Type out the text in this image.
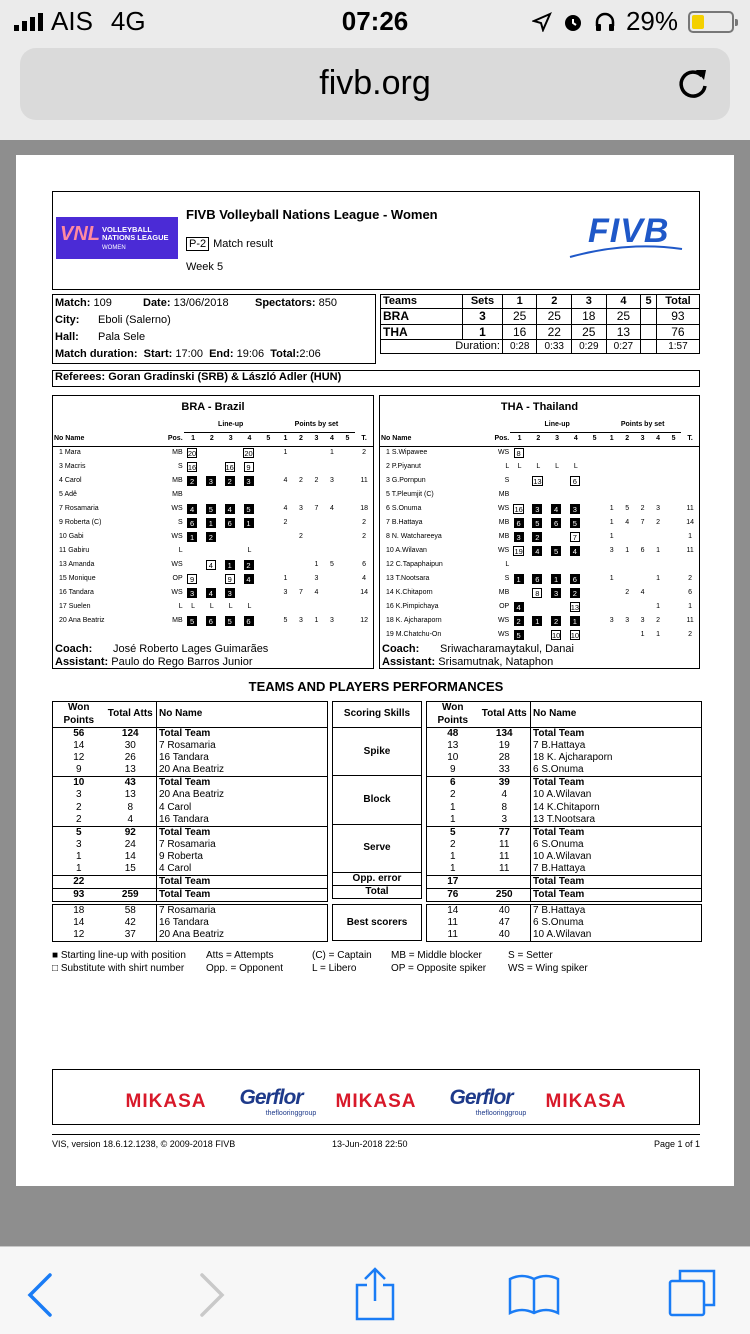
AIS 4G	07:26	29%
fivb.org
VNL VOLLEYBALL
NATIONS LEAGUE
WOMEN
FIVB Volleyball Nations League - Women
P-2 Match result
Week 5
FIVB
Match: 109	Date: 13/06/2018 Spectators: 850
City: Eboli (Salerno)
Hall: Pala Sele
Match duration: Start: 17:00 End: 19:06 Total:2:06
Teams	Sets	1	2	3	4	5	Total
BRA	3	25	25	18	25		93
THA	1	16	22	25	13		76
Duration:		0:28	0:33	0:29	0:27		1:57
Referees: Goran Gradinski (SRB) & László Adler (HUN)
BRA - Brazil
		Line-up					Points by set					
No Name	Pos.	1	2	3	4	5	1	2	3	4	5	T.
1 Mara	MB	20			20		1			1		2
3 Macris	S	16		16	9							
4 Carol	MB	2	3	2	3		4	2	2	3		11
5 Adê	MB											
7 Rosamaria	WS	4	5	4	5		4	3	7	4		18
9 Roberta (C)	S	6	1	6	1		2					2
10 Gabi	WS	1	2					2				2
11 Gabiru	L				L							
13 Amanda	WS		4	1	2				1	5		6
15 Monique	OP	9		9	4		1		3			4
16 Tandara	WS	3	4	3			3	7	4			14
17 Suelen	L	L	L	L	L							
20 Ana Beatriz	MB	5	6	5	6		5	3	1	3		12
Coach: José Roberto Lages Guimarães
Assistant: Paulo do Rego Barros Junior
THA - Thailand
		Line-up					Points by set					
No Name	Pos.	1	2	3	4	5	1	2	3	4	5	T.
1 S.Wipawee	WS	8										
2 P.Piyanut	L	L	L	L	L							
3 G.Pornpun	S		13		6							
5 T.Pleumjit (C)	MB											
6 S.Onuma	WS	16	3	4	3		1	5	2	3		11
7 B.Hattaya	MB	6	5	6	5		1	4	7	2		14
8 N. Watchareeya	MB	3	2		7		1					1
10 A.Wilavan	WS	19	4	5	4		3	1	6	1		11
12 C.Tapaphaipun	L											
13 T.Nootsara	S	1	6	1	6		1			1		2
14 K.Chitaporn	MB		8	3	2			2	4			6
16 K.Pimpichaya	OP	4			13					1		1
18 K. Ajcharaporn	WS	2	1	2	1		3	3	3	2		11
19 M.Chatchu-On	WS	5		10	10				1	1		2
Coach: Sriwacharamaytakul, Danai
Assistant: Srisamutnak, Nataphon
TEAMS AND PLAYERS PERFORMANCES
Won Points	Total Atts	No Name
56	124	Total Team
14	30	7 Rosamaria
12	26	16 Tandara
9	13	20 Ana Beatriz
10	43	Total Team
3	13	20 Ana Beatriz
2	8	4 Carol
2	4	16 Tandara
5	92	Total Team
3	24	7 Rosamaria
1	14	9 Roberta
1	15	4 Carol
22		Total Team
93	259	Total Team
18	58	7 Rosamaria
14	42	16 Tandara
12	37	20 Ana Beatriz
Won Points	Total Atts	No Name
48	134	Total Team
13	19	7 B.Hattaya
10	28	18 K. Ajcharaporn
9	33	6 S.Onuma
6	39	Total Team
2	4	10 A.Wilavan
1	8	14 K.Chitaporn
1	3	13 T.Nootsara
5	77	Total Team
2	11	6 S.Onuma
1	11	10 A.Wilavan
1	11	7 B.Hattaya
17		Total Team
76	250	Total Team
14	40	7 B.Hattaya
11	47	6 S.Onuma
11	40	10 A.Wilavan
Scoring Skills
Spike
Block
Serve
Opp. error
Total
Best scorers
■ Starting line-up with position Atts = Attempts	(C) = Captain MB = Middle blocker	S = Setter
□ Substitute with shirt number Opp. = Opponent	L = Libero	OP = Opposite spiker WS = Wing spiker
MIKASA	Gerflor
theflooringgroup
MIKASA	Gerflor
theflooringgroup
MIKASA
VIS, version 18.6.12.1238, © 2009-2018 FIVB	13-Jun-2018 22:50	Page 1 of 1
